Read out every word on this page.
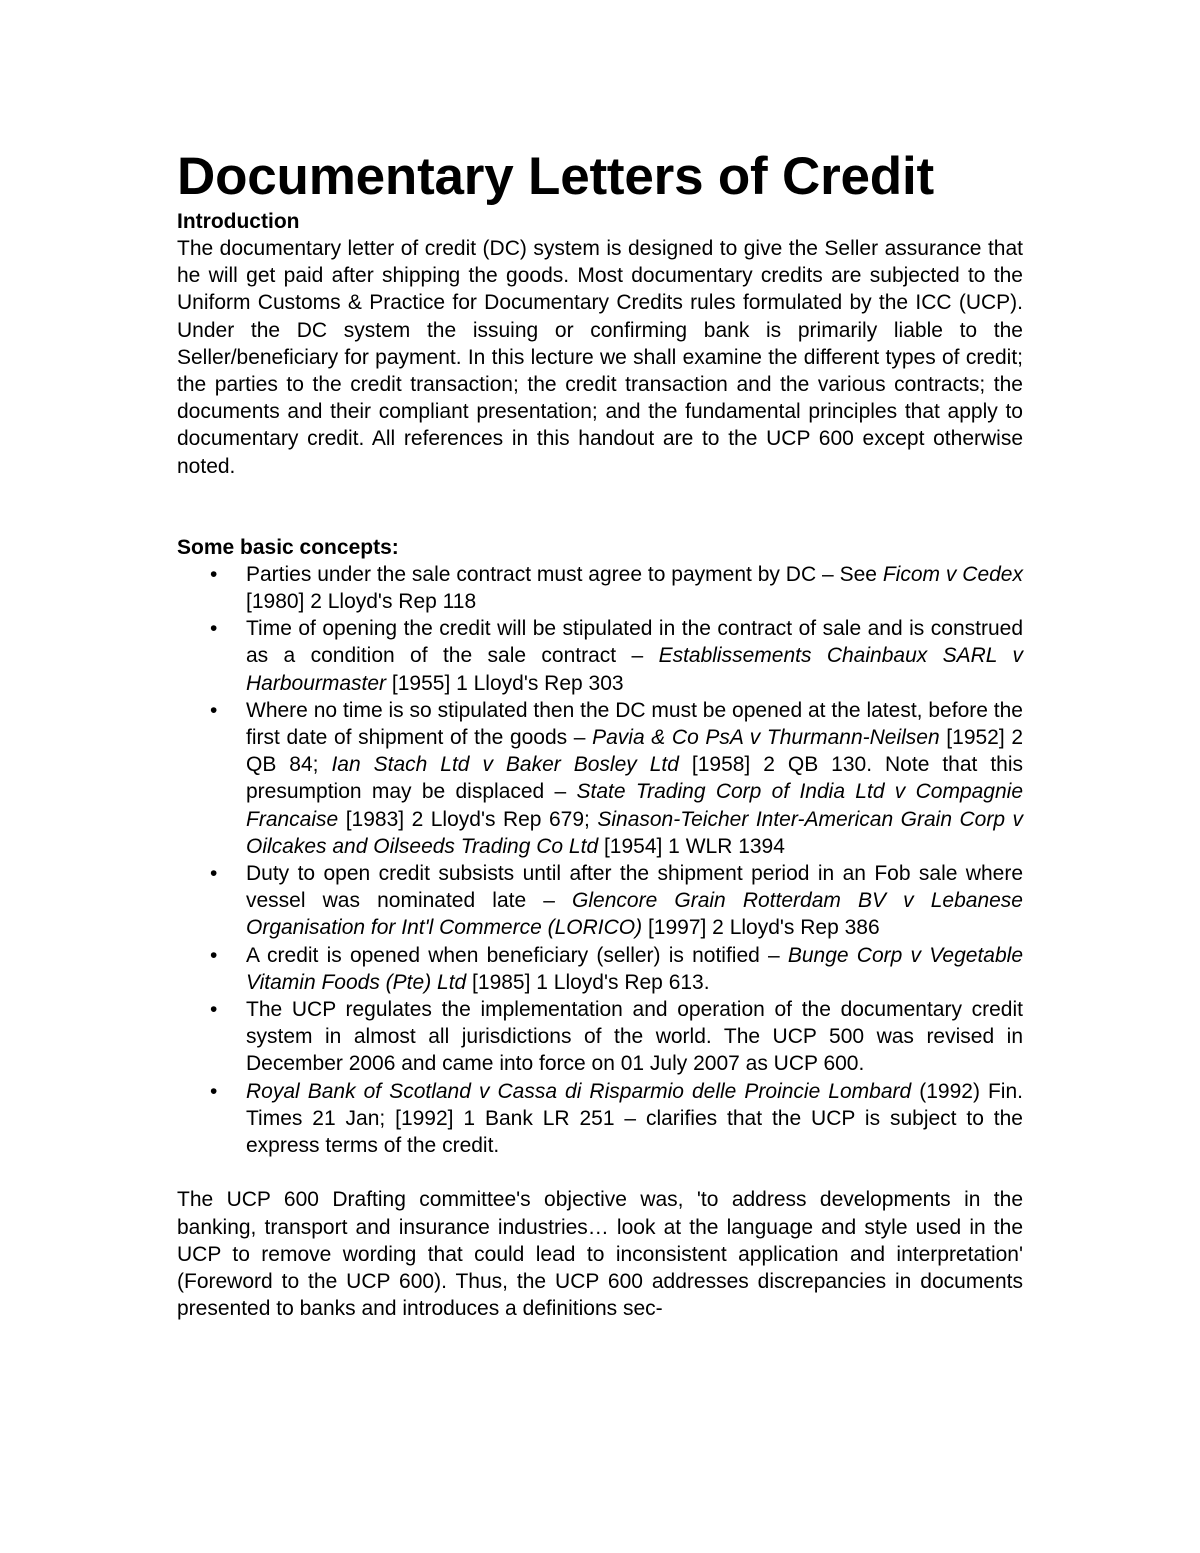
Documentary Letters of Credit
Introduction

The documentary letter of credit (DC) system is designed to give the Seller assurance that he will get paid after shipping the goods. Most documentary credits are subjected to the Uniform Customs & Practice for Documentary Credits rules formulated by the ICC (UCP). Under the DC system the issuing or confirming bank is primarily liable to the Seller/beneficiary for payment. In this lecture we shall examine the different types of credit; the parties to the credit transaction; the credit transaction and the various contracts; the documents and their compliant presentation; and the fundamental principles that apply to documentary credit. All references in this handout are to the UCP 600 except otherwise noted.

Some basic concepts:
• Parties under the sale contract must agree to payment by DC – See Ficom v Cedex [1980] 2 Lloyd's Rep 118
• Time of opening the credit will be stipulated in the contract of sale and is construed as a condition of the sale contract – Establissements Chainbaux SARL v Harbourmaster [1955] 1 Lloyd's Rep 303
• Where no time is so stipulated then the DC must be opened at the latest, before the first date of shipment of the goods – Pavia & Co PsA v Thurmann-Neilsen [1952] 2 QB 84; Ian Stach Ltd v Baker Bosley Ltd [1958] 2 QB 130. Note that this presumption may be displaced – State Trading Corp of India Ltd v Compagnie Francaise [1983] 2 Lloyd's Rep 679; Sinason-Teicher Inter-American Grain Corp v Oilcakes and Oilseeds Trading Co Ltd [1954] 1 WLR 1394
• Duty to open credit subsists until after the shipment period in an Fob sale where vessel was nominated late – Glencore Grain Rotterdam BV v Lebanese Organisation for Int'l Commerce (LORICO) [1997] 2 Lloyd's Rep 386
• A credit is opened when beneficiary (seller) is notified – Bunge Corp v Vegetable Vitamin Foods (Pte) Ltd [1985] 1 Lloyd's Rep 613.
• The UCP regulates the implementation and operation of the documentary credit system in almost all jurisdictions of the world. The UCP 500 was revised in December 2006 and came into force on 01 July 2007 as UCP 600.
• Royal Bank of Scotland v Cassa di Risparmio delle Proincie Lombard (1992) Fin. Times 21 Jan; [1992] 1 Bank LR 251 – clarifies that the UCP is subject to the express terms of the credit.

The UCP 600 Drafting committee's objective was, 'to address developments in the banking, transport and insurance industries… look at the language and style used in the UCP to remove wording that could lead to inconsistent application and interpretation' (Foreword to the UCP 600). Thus, the UCP 600 addresses discrepancies in documents presented to banks and introduces a definitions sec-
